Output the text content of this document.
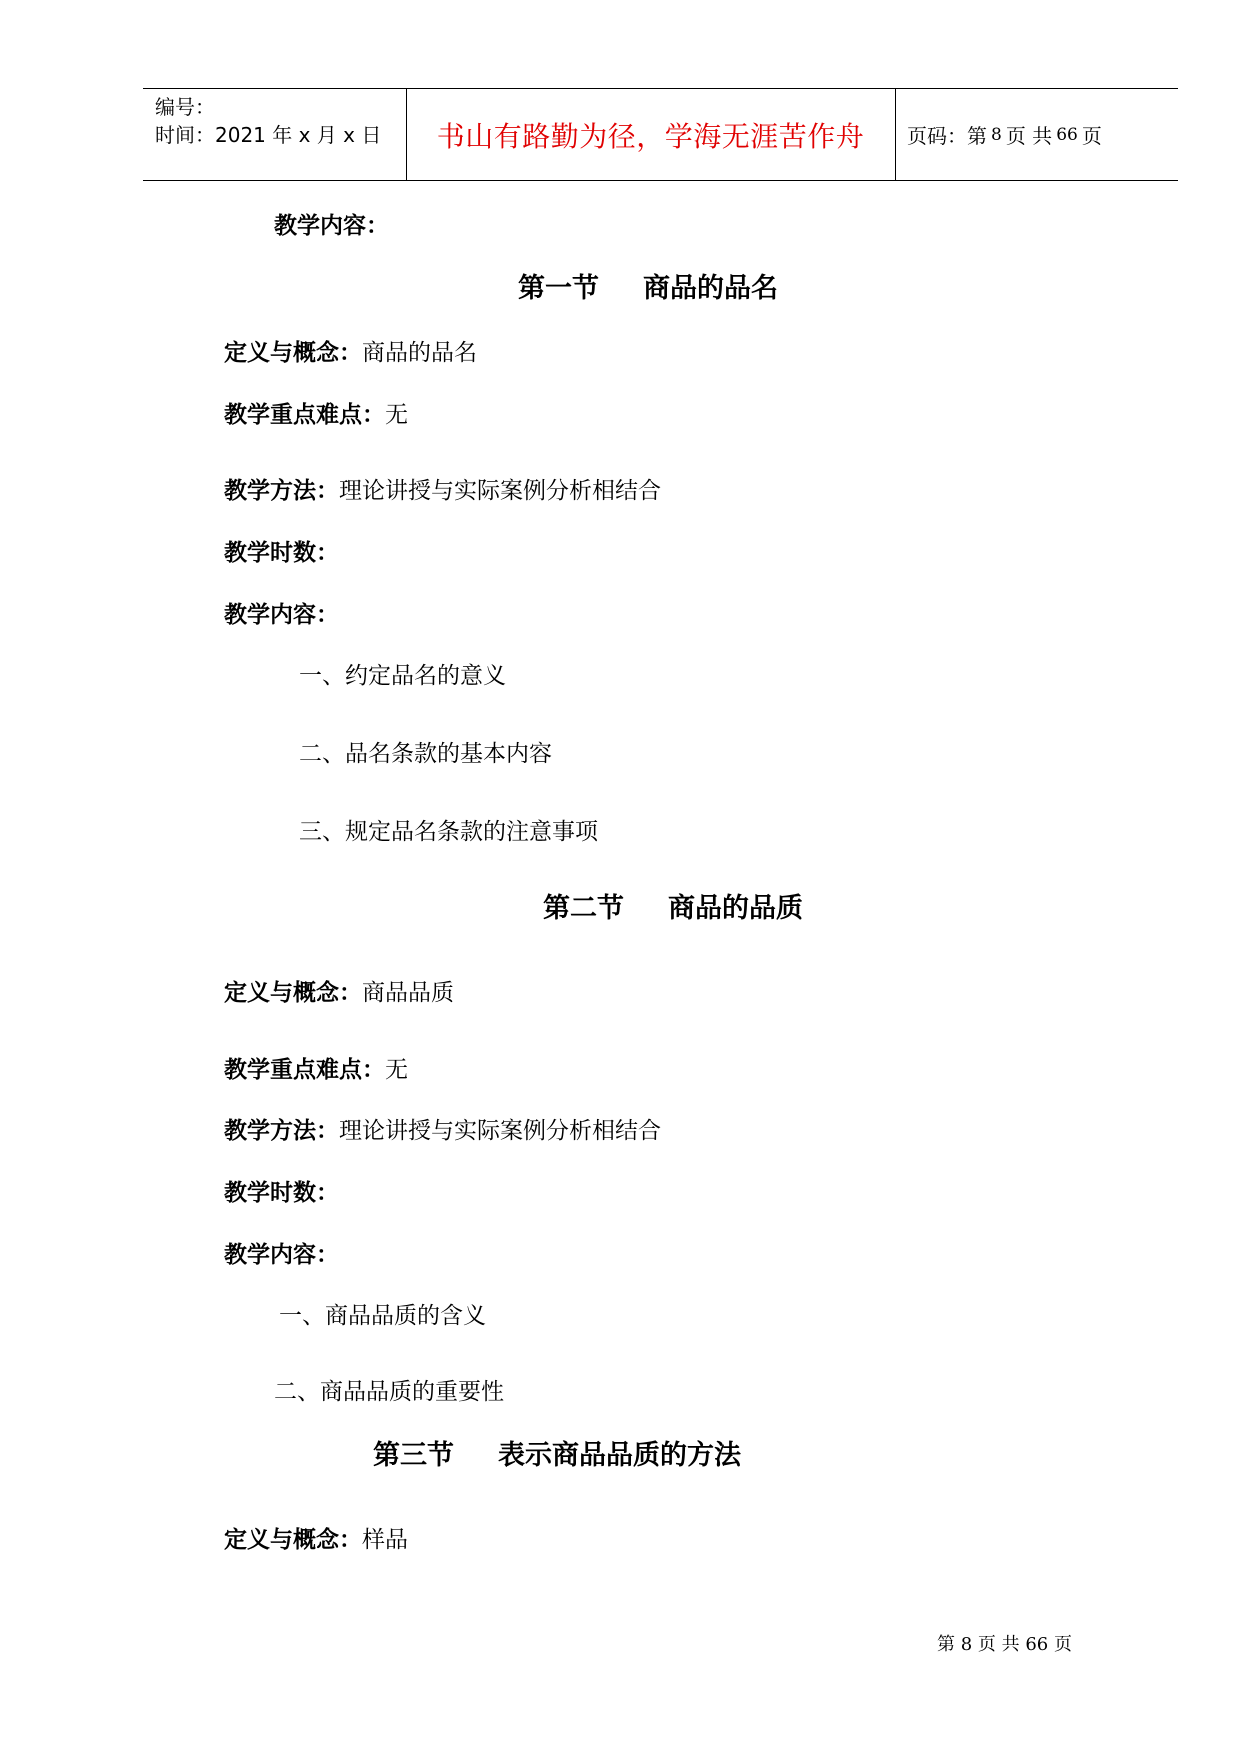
编号：
时间：2021 年 x 月 x 日	书山有路勤为径，学海无涯苦作舟	页码：第 8 页 共 66 页
教学内容：
第一节 商品的品名
定义与概念：商品的品名
教学重点难点：无
教学方法：理论讲授与实际案例分析相结合
教学时数：
教学内容：
一、约定品名的意义
二、品名条款的基本内容
三、规定品名条款的注意事项
第二节 商品的品质
定义与概念：商品品质
教学重点难点：无
教学方法：理论讲授与实际案例分析相结合
教学时数：
教学内容：
一、商品品质的含义
二、商品品质的重要性
第三节 表示商品品质的方法
定义与概念：样品
第 8 页 共 66 页
